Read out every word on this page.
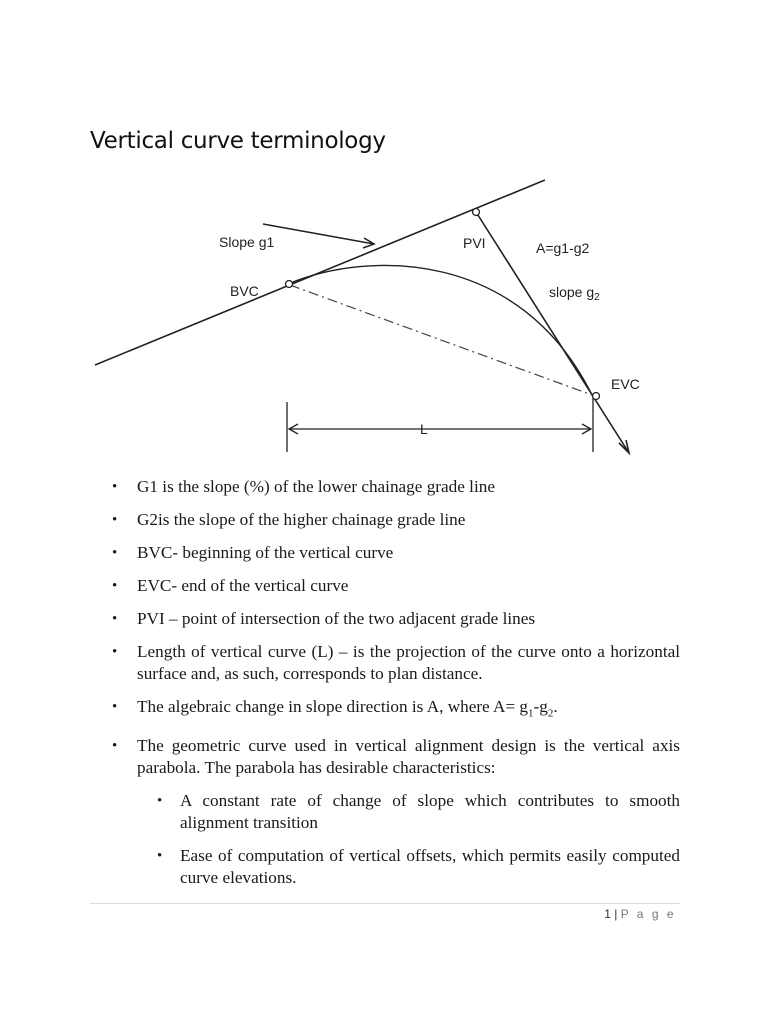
Vertical curve terminology
Slope g1	PVI	A=g1-g2
BVC	slope $g_2$
EVC
L
• G1 is the slope (%) of the lower chainage grade line
• G2is the slope of the higher chainage grade line
• BVC- beginning of the vertical curve
• EVC- end of the vertical curve
• PVI – point of intersection of the two adjacent grade lines
• Length of vertical curve (L) – is the projection of the curve onto a horizontal surface and, as such, corresponds to plan distance.
• The algebraic change in slope direction is A, where $A= g_1-g_2$.
• The geometric curve used in vertical alignment design is the vertical axis parabola. The parabola has desirable characteristics:
• A constant rate of change of slope which contributes to smooth alignment transition
• Ease of computation of vertical offsets, which permits easily computed curve elevations.
1 | P a g e
